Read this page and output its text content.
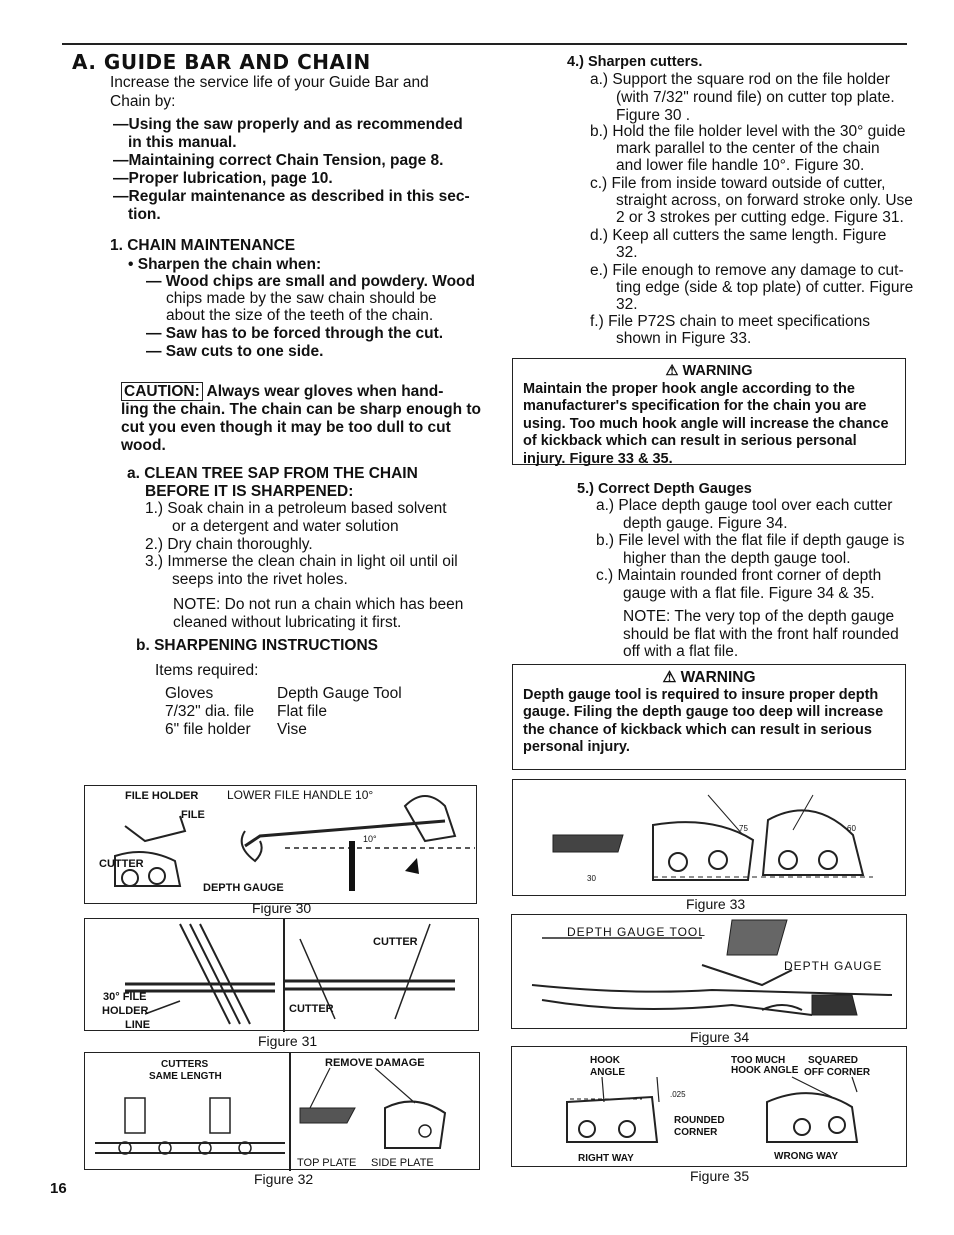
A. GUIDE BAR AND CHAIN
Increase the service life of your Guide Bar and
Chain by:
—Using the saw properly and as recommended
in this manual.
—Maintaining correct Chain Tension, page 8.
—Proper lubrication, page 10.
—Regular maintenance as described in this sec-
tion.
1. CHAIN MAINTENANCE
• Sharpen the chain when:
— Wood chips are small and powdery. Wood
chips made by the saw chain should be
about the size of the teeth of the chain.
— Saw has to be forced through the cut.
— Saw cuts to one side.
CAUTION: Always wear gloves when hand-
ling the chain. The chain can be sharp enough to
cut you even though it may be too dull to cut
wood.
a. CLEAN TREE SAP FROM THE CHAIN
BEFORE IT IS SHARPENED:
1.) Soak chain in a petroleum based solvent
or a detergent and water solution
2.) Dry chain thoroughly.
3.) Immerse the clean chain in light oil until oil
seeps into the rivet holes.
NOTE: Do not run a chain which has been
cleaned without lubricating it first.
b. SHARPENING INSTRUCTIONS
Items required:
Gloves
7/32" dia. file
6" file holder
Depth Gauge Tool
Flat file
Vise
4.) Sharpen cutters.
a.) Support the square rod on the file holder
(with 7/32" round file) on cutter top plate.
Figure 30 .
b.) Hold the file holder level with the 30° guide
mark parallel to the center of the chain
and lower file handle 10°. Figure 30.
c.) File from inside toward outside of cutter,
straight across, on forward stroke only. Use
2 or 3 strokes per cutting edge. Figure 31.
d.) Keep all cutters the same length. Figure
32.
e.) File enough to remove any damage to cut-
ting edge (side & top plate) of cutter. Figure
32.
f.) File P72S chain to meet specifications
shown in Figure 33.
⚠ WARNING
Maintain the proper hook angle according to the
manufacturer's specification for the chain you are
using. Too much hook angle will increase the chance
of kickback which can result in serious personal
injury. Figure 33 & 35.
5.) Correct Depth Gauges
a.) Place depth gauge tool over each cutter
depth gauge. Figure 34.
b.) File level with the flat file if depth gauge is
higher than the depth gauge tool.
c.) Maintain rounded front corner of depth
gauge with a flat file. Figure 34 & 35.
NOTE: The very top of the depth gauge
should be flat with the front half rounded
off with a flat file.
⚠ WARNING
Depth gauge tool is required to insure proper depth
gauge. Filing the depth gauge too deep will increase
the chance of kickback which can result in serious
personal injury.
FILE HOLDER LOWER FILE HANDLE 10°
FILE
CUTTER
DEPTH GAUGE
10°
Figure 30
CUTTER
CUTTER
30° FILE
HOLDER
LINE
Figure 31
CUTTERS
SAME LENGTH
REMOVE DAMAGE
TOP PLATE SIDE PLATE
Figure 32
75	60
30
Figure 33
DEPTH GAUGE TOOL
DEPTH GAUGE
Figure 34
HOOK
ANGLE
TOO MUCH
HOOK ANGLE
SQUARED
OFF CORNER
.025
ROUNDED
CORNER
RIGHT WAY	WRONG WAY
Figure 35
16
